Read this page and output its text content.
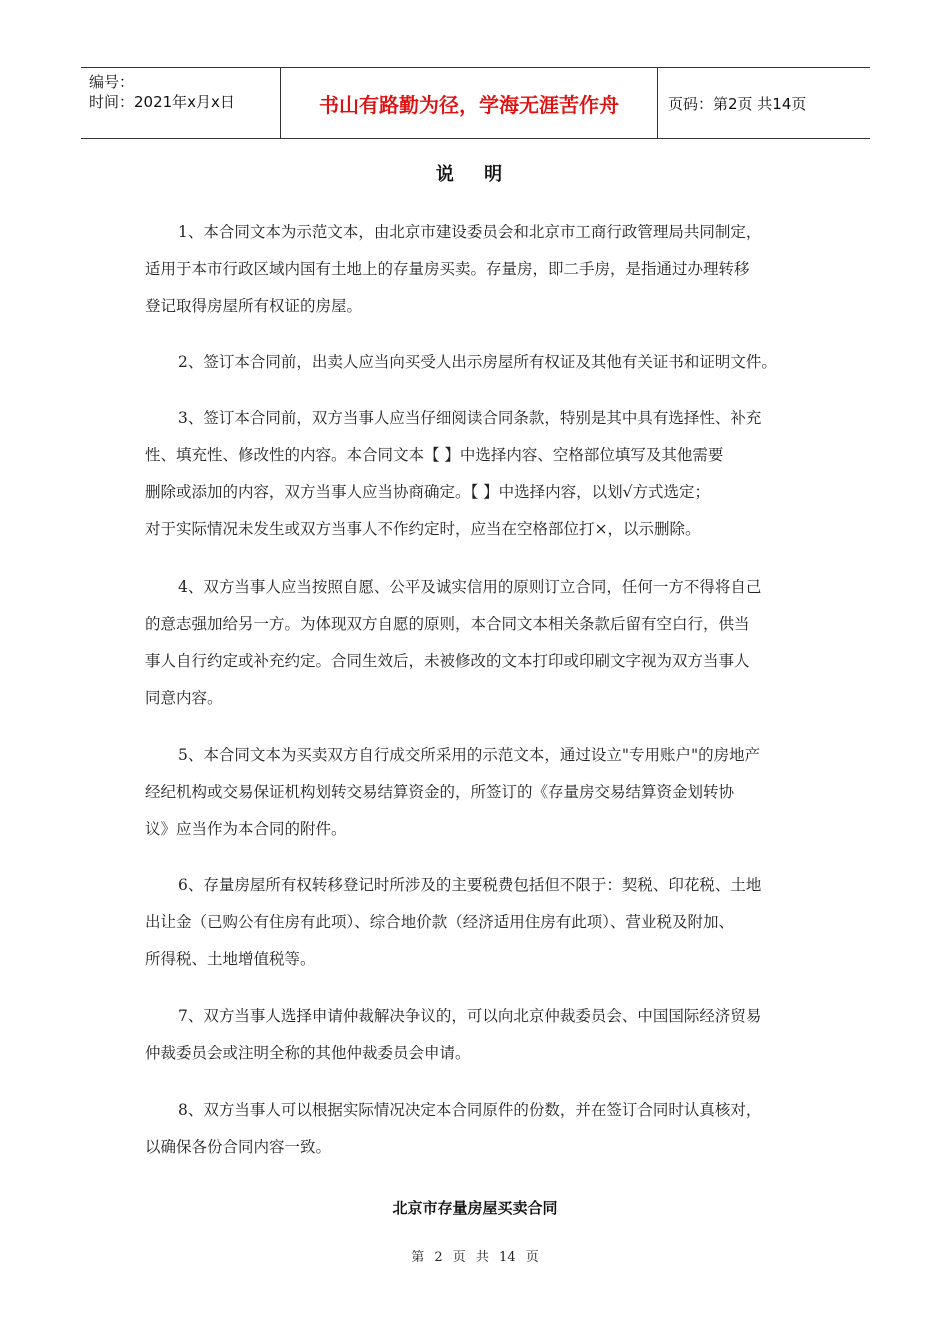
编号：
时间：2021年x月x日	书山有路勤为径，学海无涯苦作舟	页码：第2页 共14页
说 明
1、本合同文本为示范文本，由北京市建设委员会和北京市工商行政管理局共同制定，
适用于本市行政区域内国有土地上的存量房买卖。存量房，即二手房，是指通过办理转移
登记取得房屋所有权证的房屋。
2、签订本合同前，出卖人应当向买受人出示房屋所有权证及其他有关证书和证明文件。
3、签订本合同前，双方当事人应当仔细阅读合同条款，特别是其中具有选择性、补充
性、填充性、修改性的内容。本合同文本【 】中选择内容、空格部位填写及其他需要
删除或添加的内容，双方当事人应当协商确定。【 】中选择内容，以划√方式选定；
对于实际情况未发生或双方当事人不作约定时，应当在空格部位打×，以示删除。
4、双方当事人应当按照自愿、公平及诚实信用的原则订立合同，任何一方不得将自己
的意志强加给另一方。为体现双方自愿的原则，本合同文本相关条款后留有空白行，供当
事人自行约定或补充约定。合同生效后，未被修改的文本打印或印刷文字视为双方当事人
同意内容。
5、本合同文本为买卖双方自行成交所采用的示范文本，通过设立"专用账户"的房地产
经纪机构或交易保证机构划转交易结算资金的，所签订的《存量房交易结算资金划转协
议》应当作为本合同的附件。
6、存量房屋所有权转移登记时所涉及的主要税费包括但不限于：契税、印花税、土地
出让金（已购公有住房有此项）、综合地价款（经济适用住房有此项）、营业税及附加、
所得税、土地增值税等。
7、双方当事人选择申请仲裁解决争议的，可以向北京仲裁委员会、中国国际经济贸易
仲裁委员会或注明全称的其他仲裁委员会申请。
8、双方当事人可以根据实际情况决定本合同原件的份数，并在签订合同时认真核对，
以确保各份合同内容一致。
北京市存量房屋买卖合同
第 2 页 共 14 页
